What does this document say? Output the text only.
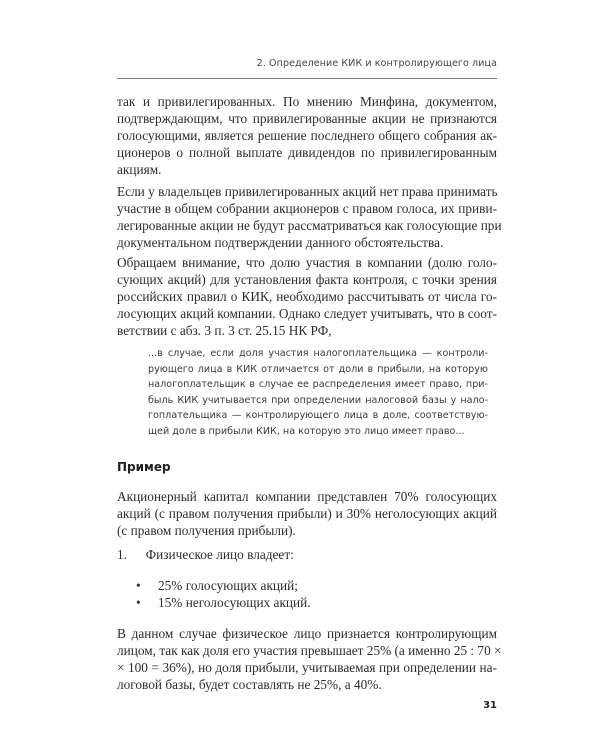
2. Определение КИК и контролирующего лица
так и привилегированных. По мнению Минфина, документом,
подтверждающим, что привилегированные акции не признаются
голосующими, является решение последнего общего собрания ак-
ционеров о полной выплате дивидендов по привилегированным
акциям.
Если у владельцев привилегированных акций нет права принимать
участие в общем собрании акционеров с правом голоса, их приви-
легированные акции не будут рассматриваться как голосующие при
документальном подтверждении данного обстоятельства.
Обращаем внимание, что долю участия в компании (долю голо-
сующих акций) для установления факта контроля, с точки зрения
российских правил о КИК, необходимо рассчитывать от числа го-
лосующих акций компании. Однако следует учитывать, что в соот-
ветствии с абз. 3 п. 3 ст. 25.15 НК РФ,
...в случае, если доля участия налогоплательщика — контроли-
рующего лица в КИК отличается от доли в прибыли, на которую
налогоплательщик в случае ее распределения имеет право, при-
быль КИК учитывается при определении налоговой базы у нало-
гоплательщика — контролирующего лица в доле, соответствую-
щей доле в прибыли КИК, на которую это лицо имеет право...
Пример
Акционерный капитал компании представлен 70% голосующих
акций (с правом получения прибыли) и 30% неголосующих акций
(с правом получения прибыли).
1. Физическое лицо владеет:
• 25% голосующих акций;
• 15% неголосующих акций.
В данном случае физическое лицо признается контролирующим
лицом, так как доля его участия превышает 25% (а именно 25 : 70 ×
× 100 = 36%), но доля прибыли, учитываемая при определении на-
логовой базы, будет составлять не 25%, а 40%.
31
